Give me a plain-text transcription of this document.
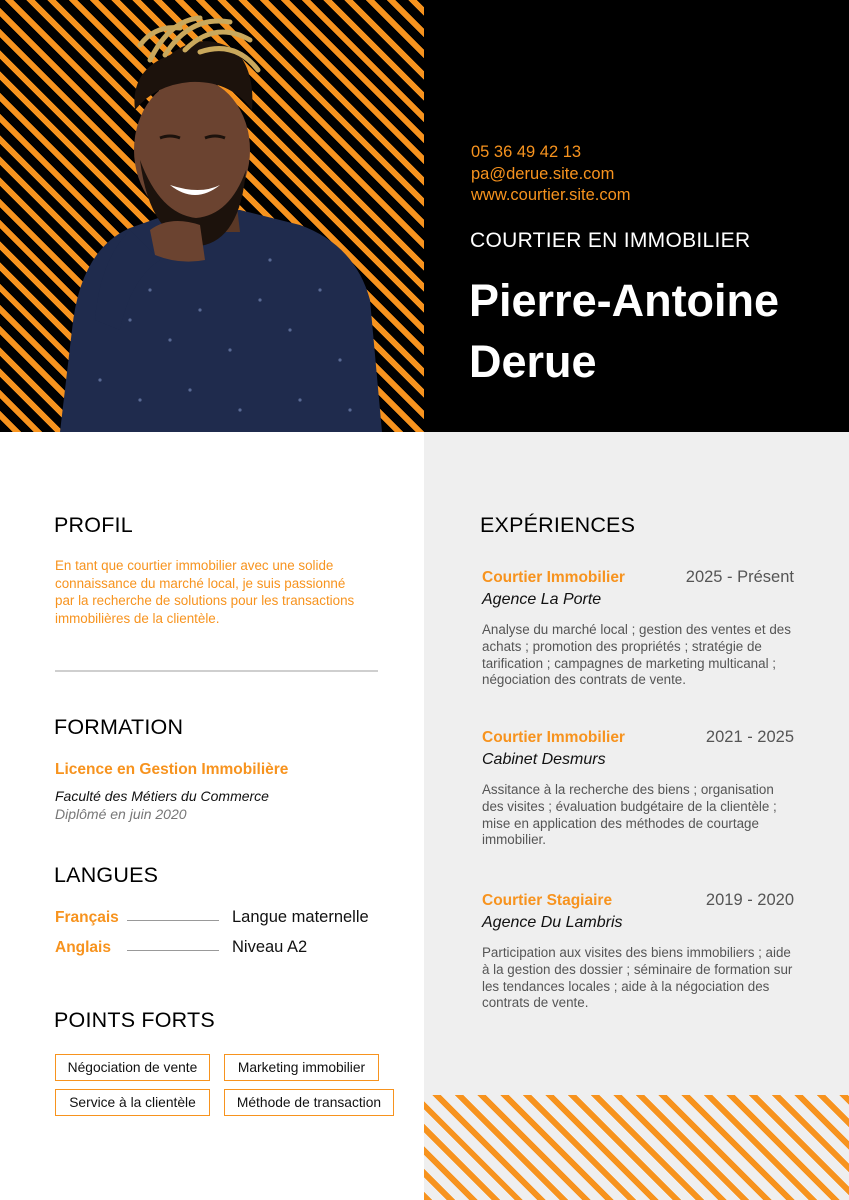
05 36 49 42 13
pa@derue.site.com
www.courtier.site.com
COURTIER EN IMMOBILIER
Pierre-Antoine
Derue
PROFIL
En tant que courtier immobilier avec une solide connaissance du marché local, je suis passionné par la recherche de solutions pour les transactions immobilières de la clientèle.
FORMATION
Licence en Gestion Immobilière
Faculté des Métiers du Commerce
Diplômé en juin 2020
LANGUES
Français	Langue maternelle
Anglais	Niveau A2
POINTS FORTS
Négociation de vente	Marketing immobilier
Service à la clientèle	Méthode de transaction
EXPÉRIENCES
Courtier Immobilier	2025 - Présent
Agence La Porte
Analyse du marché local ; gestion des ventes et des achats ; promotion des propriétés ; stratégie de tarification ; campagnes de marketing multicanal ; négociation des contrats de vente.
Courtier Immobilier	2021 - 2025
Cabinet Desmurs
Assitance à la recherche des biens ; organisation des visites ; évaluation budgétaire de la clientèle ; mise en application des méthodes de courtage immobilier.
Courtier Stagiaire	2019 - 2020
Agence Du Lambris
Participation aux visites des biens immobiliers ; aide à la gestion des dossier ; séminaire de formation sur les tendances locales ; aide à la négociation des contrats de vente.
